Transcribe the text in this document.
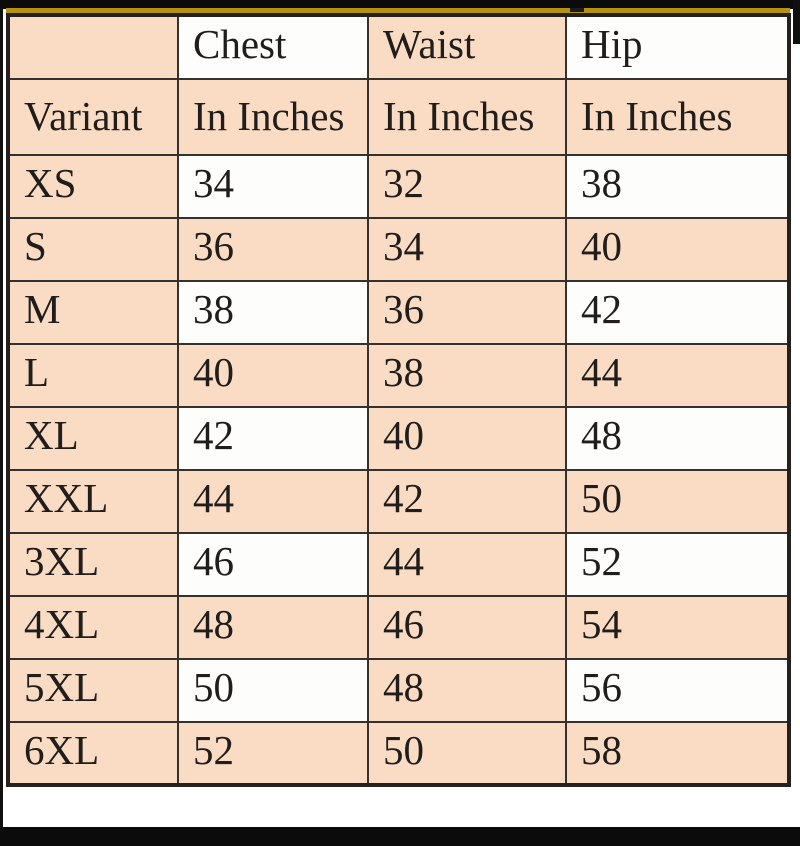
	Chest	Waist	Hip
Variant	In Inches	In Inches	In Inches
XS	34	32	38
S	36	34	40
M	38	36	42
L	40	38	44
XL	42	40	48
XXL	44	42	50
3XL	46	44	52
4XL	48	46	54
5XL	50	48	56
6XL	52	50	58
